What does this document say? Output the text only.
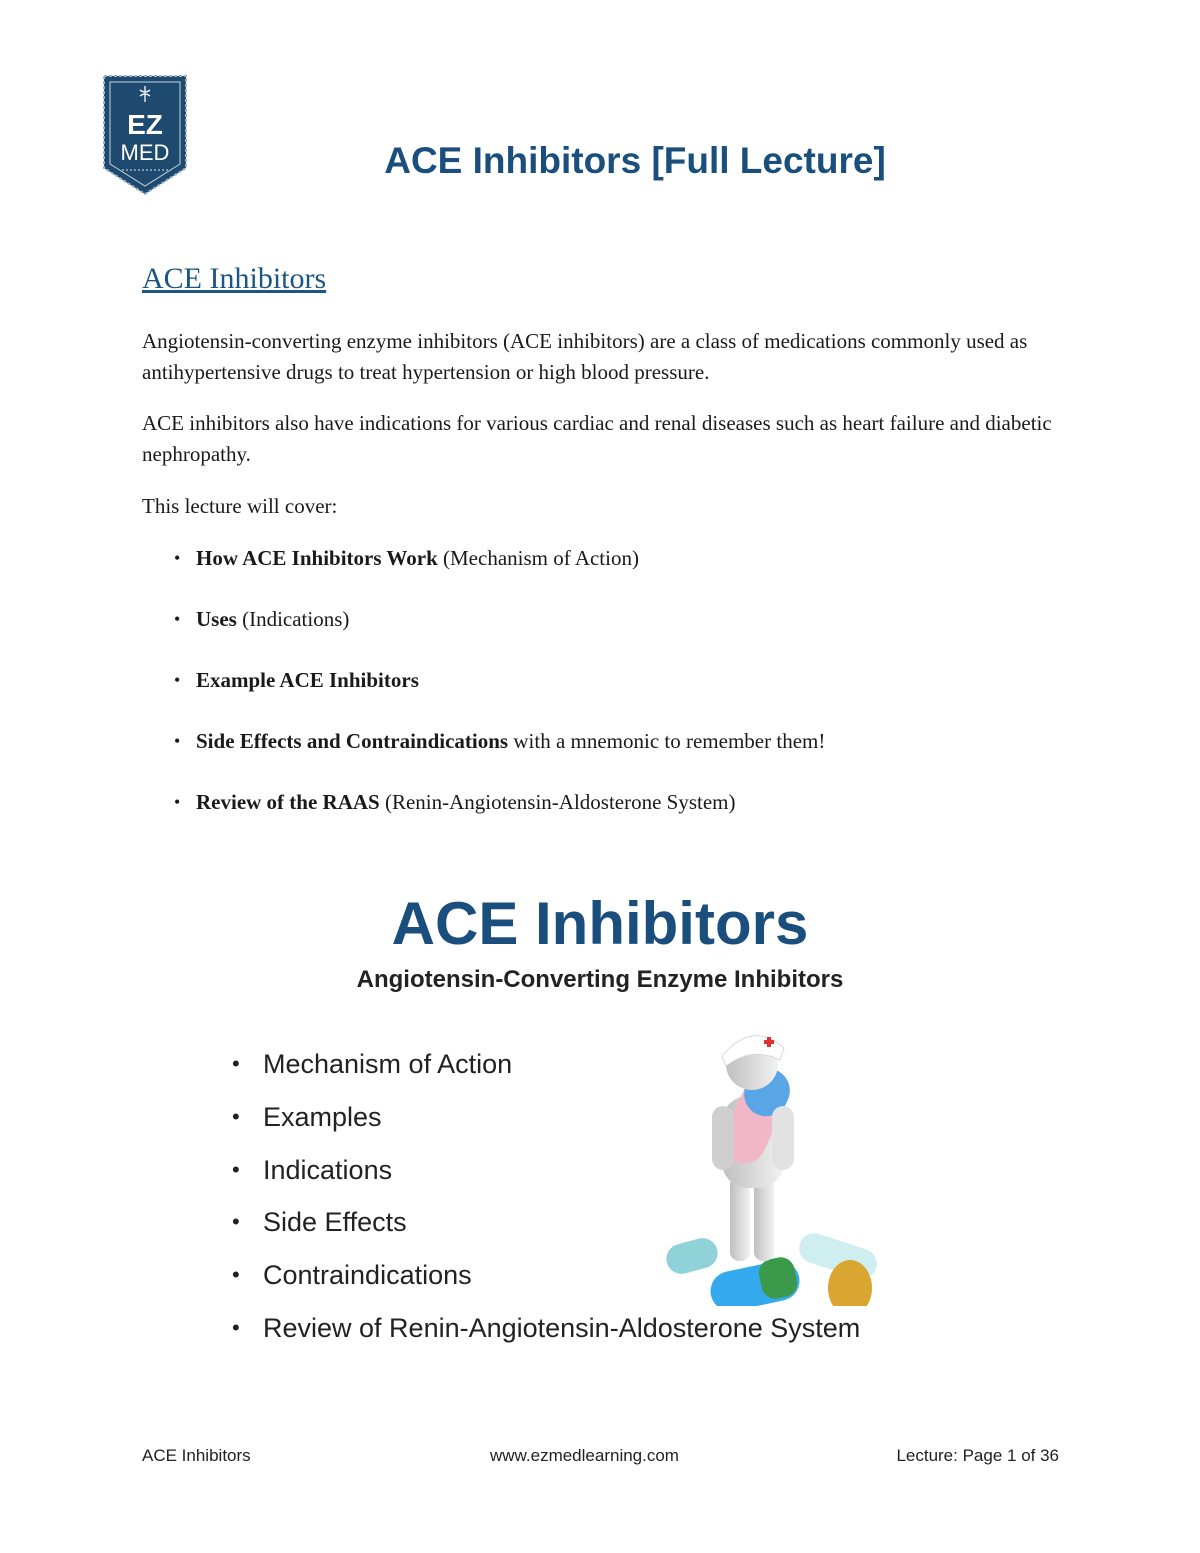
EZ
MED	ACE Inhibitors [Full Lecture]
ACE Inhibitors

Angiotensin-converting enzyme inhibitors (ACE inhibitors) are a class of medications commonly used as antihypertensive drugs to treat hypertension or high blood pressure.

ACE inhibitors also have indications for various cardiac and renal diseases such as heart failure and diabetic nephropathy.

This lecture will cover:

• How ACE Inhibitors Work (Mechanism of Action)
• Uses (Indications)
• Example ACE Inhibitors
• Side Effects and Contraindications with a mnemonic to remember them!
• Review of the RAAS (Renin-Angiotensin-Aldosterone System)
ACE Inhibitors
Angiotensin-Converting Enzyme Inhibitors
• Mechanism of Action
• Examples
• Indications
• Side Effects
• Contraindications
• Review of Renin-Angiotensin-Aldosterone System
ACE Inhibitors	www.ezmedlearning.com	Lecture: Page 1 of 36
